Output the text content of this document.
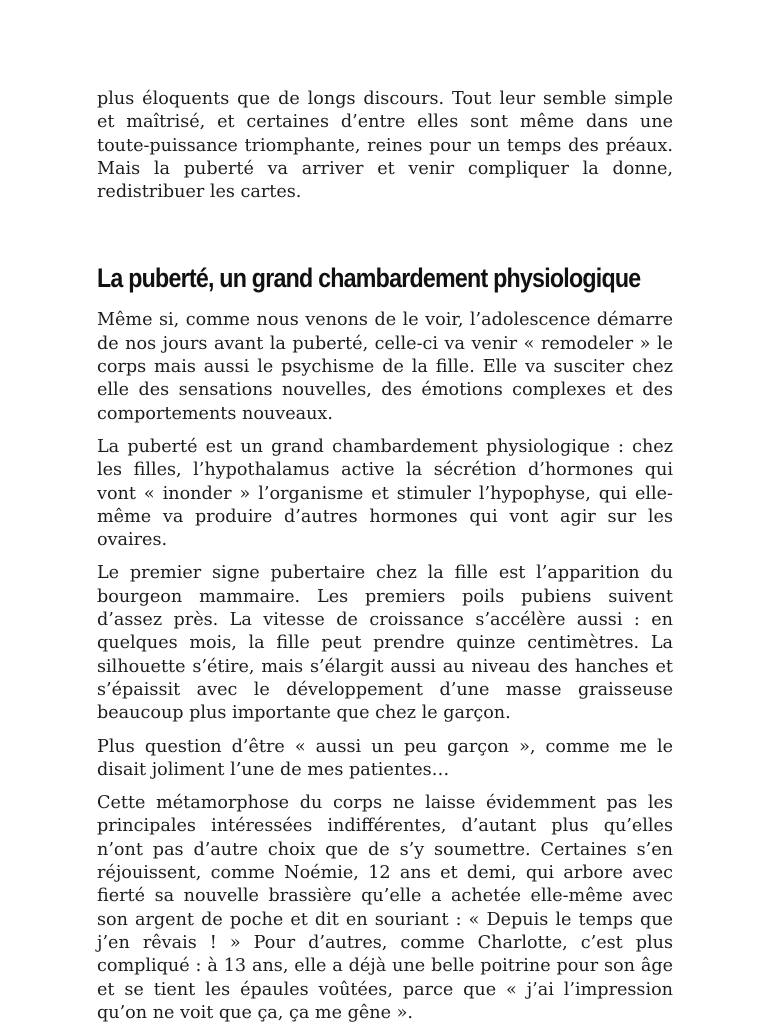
plus éloquents que de longs discours. Tout leur semble simple et maîtrisé, et certaines d’entre elles sont même dans une toute-puissance triomphante, reines pour un temps des préaux. Mais la puberté va arriver et venir compliquer la donne, redistribuer les cartes.

La puberté, un grand chambardement physiologique

Même si, comme nous venons de le voir, l’adolescence démarre de nos jours avant la puberté, celle-ci va venir « remodeler » le corps mais aussi le psychisme de la fille. Elle va susciter chez elle des sensations nouvelles, des émotions complexes et des comportements nouveaux.

La puberté est un grand chambardement physiologique : chez les filles, l’hypothalamus active la sécrétion d’hormones qui vont « inonder » l’organisme et stimuler l’hypophyse, qui elle-même va produire d’autres hormones qui vont agir sur les ovaires.

Le premier signe pubertaire chez la fille est l’apparition du bourgeon mammaire. Les premiers poils pubiens suivent d’assez près. La vitesse de croissance s’accélère aussi : en quelques mois, la fille peut prendre quinze centimètres. La silhouette s’étire, mais s’élargit aussi au niveau des hanches et s’épaissit avec le développement d’une masse graisseuse beaucoup plus importante que chez le garçon.

Plus question d’être « aussi un peu garçon », comme me le disait joliment l’une de mes patientes…

Cette métamorphose du corps ne laisse évidemment pas les principales intéressées indifférentes, d’autant plus qu’elles n’ont pas d’autre choix que de s’y soumettre. Certaines s’en réjouissent, comme Noémie, 12 ans et demi, qui arbore avec fierté sa nouvelle brassière qu’elle a achetée elle-même avec son argent de poche et dit en souriant : « Depuis le temps que j’en rêvais ! » Pour d’autres, comme Charlotte, c’est plus compliqué : à 13 ans, elle a déjà une belle poitrine pour son âge et se tient les épaules voûtées, parce que « j’ai l’impression qu’on ne voit que ça, ça me gêne ».
